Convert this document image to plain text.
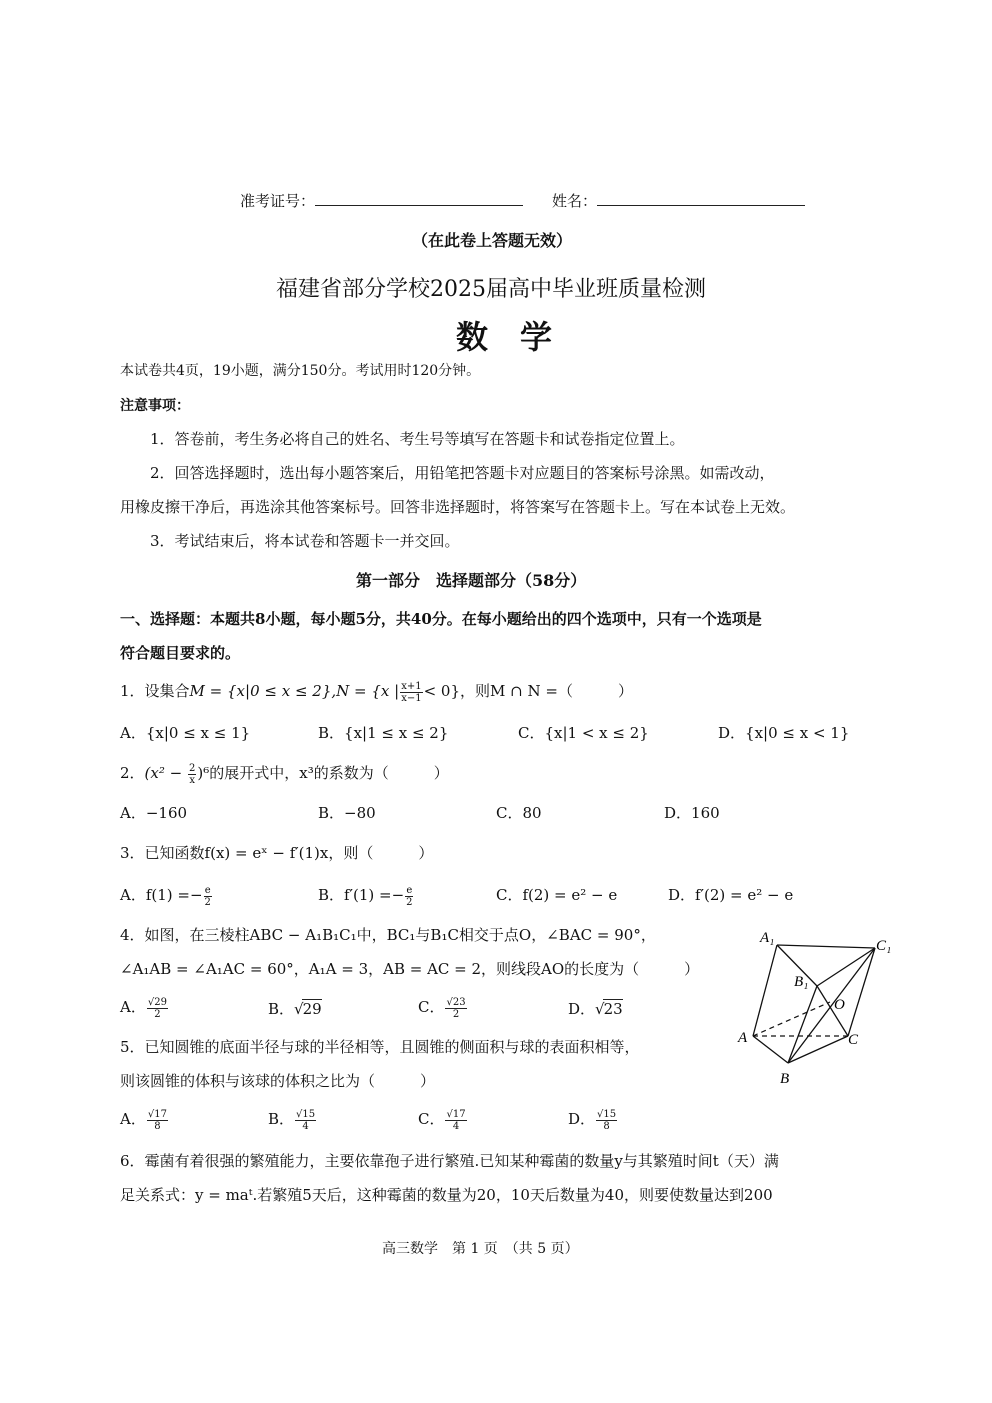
准考证号：	姓名：
（在此卷上答题无效）
福建省部分学校2025届高中毕业班质量检测
数　学
本试卷共4页，19小题，满分150分。考试用时120分钟。
注意事项：
1．答卷前，考生务必将自己的姓名、考生号等填写在答题卡和试卷指定位置上。
2．回答选择题时，选出每小题答案后，用铅笔把答题卡对应题目的答案标号涂黑。如需改动，
用橡皮擦干净后，再选涂其他答案标号。回答非选择题时，将答案写在答题卡上。写在本试卷上无效。
3．考试结束后，将本试卷和答题卡一并交回。
第一部分　选择题部分（58分）
一、选择题：本题共8小题，每小题5分，共40分。在每小题给出的四个选项中，只有一个选项是
符合题目要求的。
1．设集合M = {x|0 ≤ x ≤ 2},N = {x | $\frac{x+1}{x-1} < 0$}，则M ∩ N =（　　　）
A．{x|0 ≤ x ≤ 1}	B．{x|1 ≤ x ≤ 2}	C．{x|1 < x ≤ 2}	D．{x|0 ≤ x < 1}
2．$(x^2 - \frac{2}{x} )^6$的展开式中，x³的系数为（　　　）
A．−160	B．−80	C．80	D．160
3．已知函数f(x) = eˣ − f′(1)x，则（　　　）
A．$f(1) =- \frac{e}{2}$	B．$f'(1) =- \frac{e}{2}$	C．f(2) = e² − e	D．f′(2) = e² − e
4．如图，在三棱柱ABC − A₁B₁C₁中，BC₁与B₁C相交于点O，∠BAC = 90°，
∠A₁AB = ∠A₁AC = 60°，A₁A = 3，AB = AC = 2，则线段AO的长度为（　　　）
A． $\frac{√29}{2}$	B．√29	C． $\frac{√23}{2}$	D．√23
A₁	C₁
B₁
O
A	C
B
5．已知圆锥的底面半径与球的半径相等，且圆锥的侧面积与球的表面积相等，
则该圆锥的体积与该球的体积之比为（　　　）
A． $\frac{√17}{8}$	B． $\frac{√15}{4}$	C． $\frac{√17}{4}$	D． $\frac{√15}{8}$
6．霉菌有着很强的繁殖能力，主要依靠孢子进行繁殖.已知某种霉菌的数量y与其繁殖时间t（天）满
足关系式：y = maᵗ.若繁殖5天后，这种霉菌的数量为20，10天后数量为40，则要使数量达到200
高三数学　第 1 页　（共 5 页）
